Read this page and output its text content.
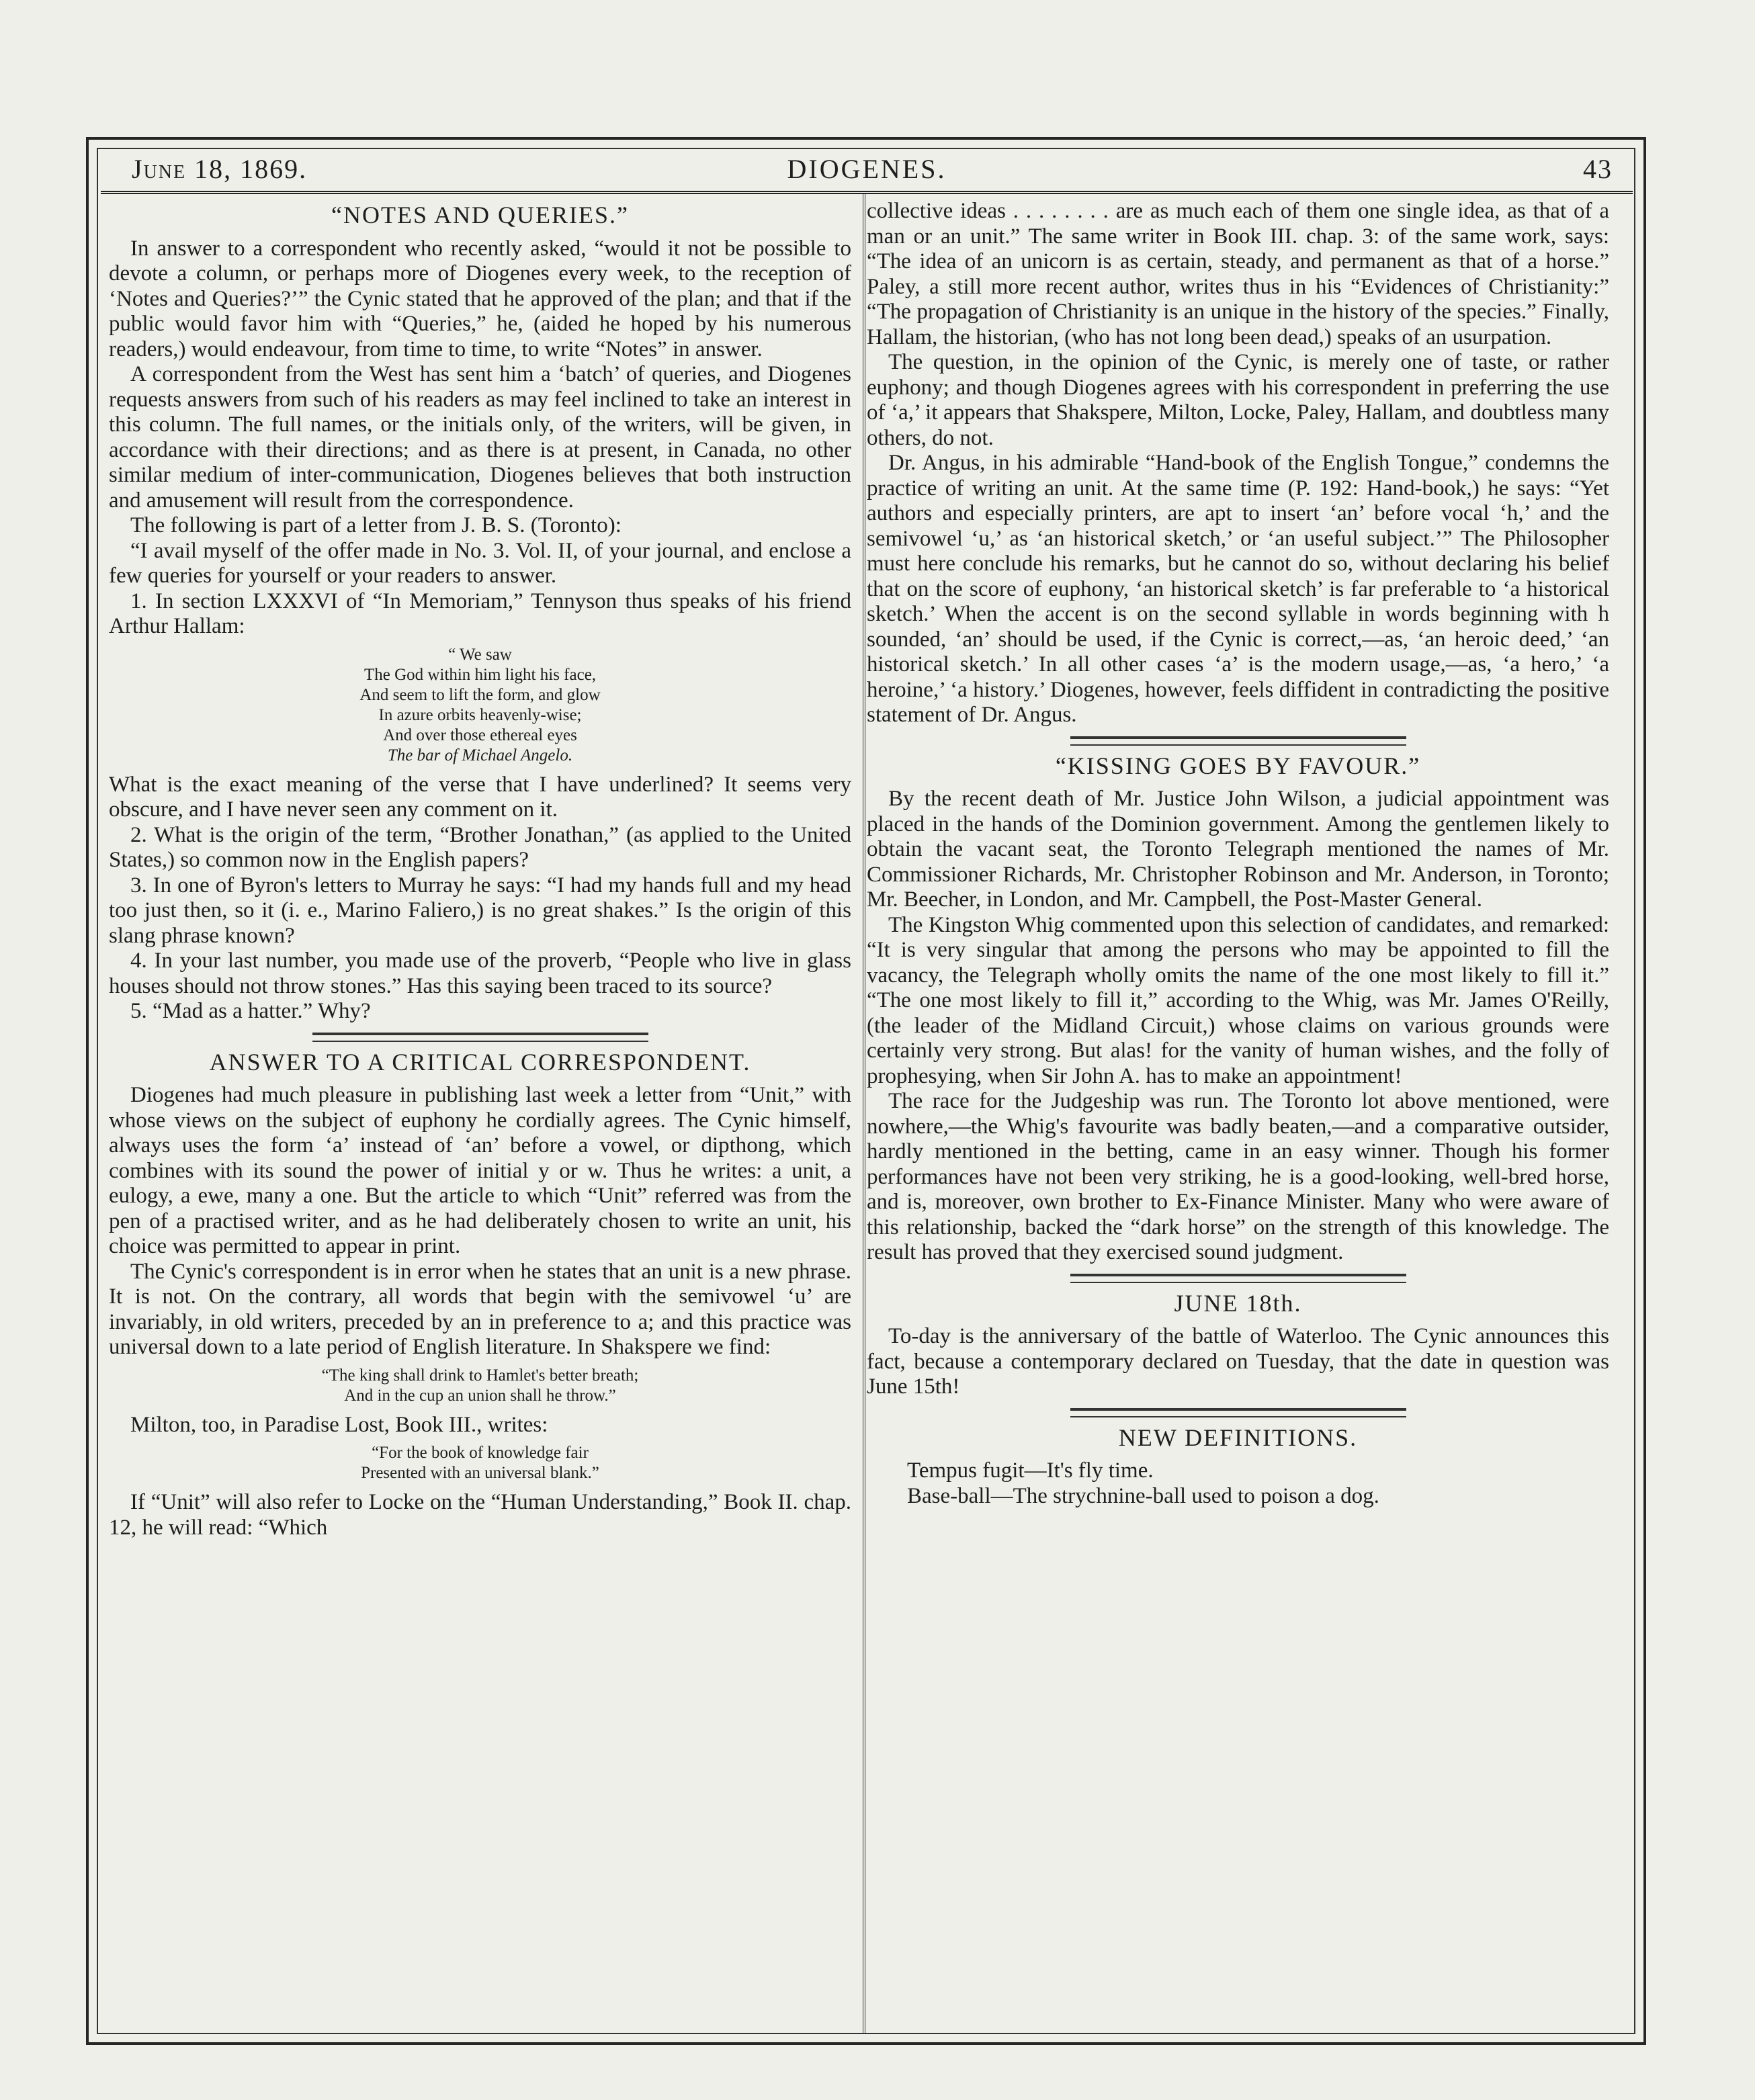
June 18, 1869.	DIOGENES.	43
“NOTES AND QUERIES.”

In answer to a correspondent who recently asked, “would it not be possible to devote a column, or perhaps more of Diogenes every week, to the reception of ‘Notes and Queries?’” the Cynic stated that he approved of the plan; and that if the public would favor him with “Queries,” he, (aided he hoped by his numerous readers,) would endeavour, from time to time, to write “Notes” in answer.

A correspondent from the West has sent him a ‘batch’ of queries, and Diogenes requests answers from such of his readers as may feel inclined to take an interest in this column. The full names, or the initials only, of the writers, will be given, in accordance with their directions; and as there is at present, in Canada, no other similar medium of inter-communication, Diogenes believes that both instruction and amusement will result from the correspondence.

The following is part of a letter from J. B. S. (Toronto):

“I avail myself of the offer made in No. 3. Vol. II, of your journal, and enclose a few queries for yourself or your readers to answer.

1. In section LXXXVI of “In Memoriam,” Tennyson thus speaks of his friend Arthur Hallam:

“ We saw
The God within him light his face,
And seem to lift the form, and glow
In azure orbits heavenly-wise;
And over those ethereal eyes
The bar of Michael Angelo.

What is the exact meaning of the verse that I have underlined? It seems very obscure, and I have never seen any comment on it.

2. What is the origin of the term, “Brother Jonathan,” (as applied to the United States,) so common now in the English papers?

3. In one of Byron's letters to Murray he says: “I had my hands full and my head too just then, so it (i. e., Marino Faliero,) is no great shakes.” Is the origin of this slang phrase known?

4. In your last number, you made use of the proverb, “People who live in glass houses should not throw stones.” Has this saying been traced to its source?

5. “Mad as a hatter.” Why?

ANSWER TO A CRITICAL CORRESPONDENT.

Diogenes had much pleasure in publishing last week a letter from “Unit,” with whose views on the subject of euphony he cordially agrees. The Cynic himself, always uses the form ‘a’ instead of ‘an’ before a vowel, or dipthong, which combines with its sound the power of initial y or w. Thus he writes: a unit, a eulogy, a ewe, many a one. But the article to which “Unit” referred was from the pen of a practised writer, and as he had deliberately chosen to write an unit, his choice was permitted to appear in print.

The Cynic's correspondent is in error when he states that an unit is a new phrase. It is not. On the contrary, all words that begin with the semivowel ‘u’ are invariably, in old writers, preceded by an in preference to a; and this practice was universal down to a late period of English literature. In Shakspere we find:

“The king shall drink to Hamlet's better breath;
And in the cup an union shall he throw.”

Milton, too, in Paradise Lost, Book III., writes:

“For the book of knowledge fair
Presented with an universal blank.”

If “Unit” will also refer to Locke on the “Human Understanding,” Book II. chap. 12, he will read: “Which

collective ideas . . . . . . . . are as much each of them one single idea, as that of a man or an unit.” The same writer in Book III. chap. 3: of the same work, says: “The idea of an unicorn is as certain, steady, and permanent as that of a horse.” Paley, a still more recent author, writes thus in his “Evidences of Christianity:” “The propagation of Christianity is an unique in the history of the species.” Finally, Hallam, the historian, (who has not long been dead,) speaks of an usurpation.

The question, in the opinion of the Cynic, is merely one of taste, or rather euphony; and though Diogenes agrees with his correspondent in preferring the use of ‘a,’ it appears that Shakspere, Milton, Locke, Paley, Hallam, and doubtless many others, do not.

Dr. Angus, in his admirable “Hand-book of the English Tongue,” condemns the practice of writing an unit. At the same time (P. 192: Hand-book,) he says: “Yet authors and especially printers, are apt to insert ‘an’ before vocal ‘h,’ and the semivowel ‘u,’ as ‘an historical sketch,’ or ‘an useful subject.’” The Philosopher must here conclude his remarks, but he cannot do so, without declaring his belief that on the score of euphony, ‘an historical sketch’ is far preferable to ‘a historical sketch.’ When the accent is on the second syllable in words beginning with h sounded, ‘an’ should be used, if the Cynic is correct,—as, ‘an heroic deed,’ ‘an historical sketch.’ In all other cases ‘a’ is the modern usage,—as, ‘a hero,’ ‘a heroine,’ ‘a history.’ Diogenes, however, feels diffident in contradicting the positive statement of Dr. Angus.

“KISSING GOES BY FAVOUR.”

By the recent death of Mr. Justice John Wilson, a judicial appointment was placed in the hands of the Dominion government. Among the gentlemen likely to obtain the vacant seat, the Toronto Telegraph mentioned the names of Mr. Commissioner Richards, Mr. Christopher Robinson and Mr. Anderson, in Toronto; Mr. Beecher, in London, and Mr. Campbell, the Post-Master General.

The Kingston Whig commented upon this selection of candidates, and remarked: “It is very singular that among the persons who may be appointed to fill the vacancy, the Telegraph wholly omits the name of the one most likely to fill it.” “The one most likely to fill it,” according to the Whig, was Mr. James O'Reilly, (the leader of the Midland Circuit,) whose claims on various grounds were certainly very strong. But alas! for the vanity of human wishes, and the folly of prophesying, when Sir John A. has to make an appointment!

The race for the Judgeship was run. The Toronto lot above mentioned, were nowhere,—the Whig's favourite was badly beaten,—and a comparative outsider, hardly mentioned in the betting, came in an easy winner. Though his former performances have not been very striking, he is a good-looking, well-bred horse, and is, moreover, own brother to Ex-Finance Minister. Many who were aware of this relationship, backed the “dark horse” on the strength of this knowledge. The result has proved that they exercised sound judgment.

JUNE 18th.

To-day is the anniversary of the battle of Waterloo. The Cynic announces this fact, because a contemporary declared on Tuesday, that the date in question was June 15th!

NEW DEFINITIONS.

Tempus fugit—It's fly time.

Base-ball—The strychnine-ball used to poison a dog.
